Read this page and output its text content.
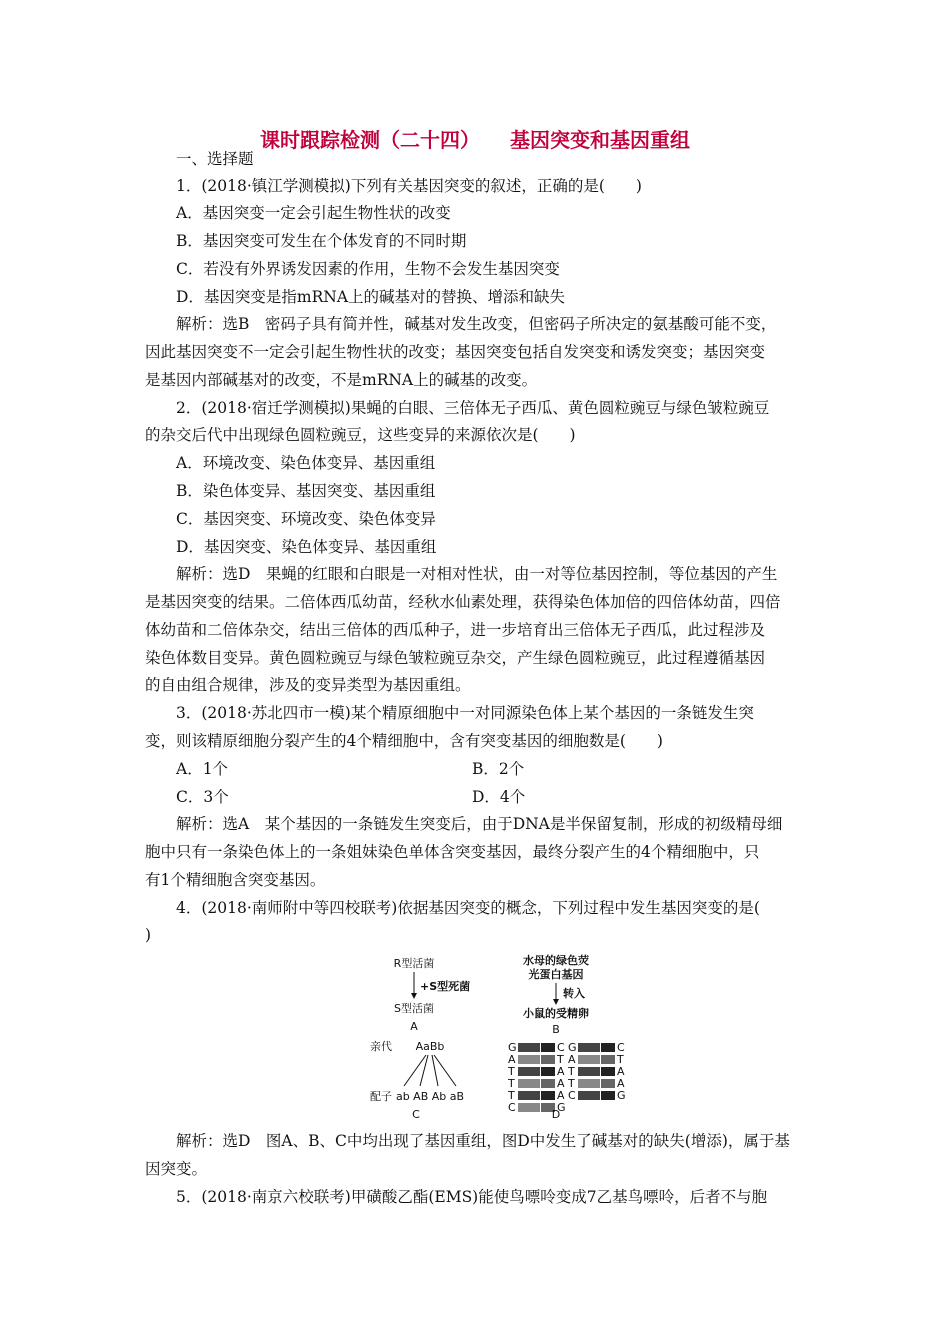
课时跟踪检测（二十四） 基因突变和基因重组
一、选择题
1．(2018·镇江学测模拟)下列有关基因突变的叙述，正确的是(　　)
A．基因突变一定会引起生物性状的改变
B．基因突变可发生在个体发育的不同时期
C．若没有外界诱发因素的作用，生物不会发生基因突变
D．基因突变是指mRNA上的碱基对的替换、增添和缺失
解析：选B　密码子具有简并性，碱基对发生改变，但密码子所决定的氨基酸可能不变，
因此基因突变不一定会引起生物性状的改变；基因突变包括自发突变和诱发突变；基因突变
是基因内部碱基对的改变，不是mRNA上的碱基的改变。
2．(2018·宿迁学测模拟)果蝇的白眼、三倍体无子西瓜、黄色圆粒豌豆与绿色皱粒豌豆
的杂交后代中出现绿色圆粒豌豆，这些变异的来源依次是(　　)
A．环境改变、染色体变异、基因重组
B．染色体变异、基因突变、基因重组
C．基因突变、环境改变、染色体变异
D．基因突变、染色体变异、基因重组
解析：选D　果蝇的红眼和白眼是一对相对性状，由一对等位基因控制，等位基因的产生
是基因突变的结果。二倍体西瓜幼苗，经秋水仙素处理，获得染色体加倍的四倍体幼苗，四倍
体幼苗和二倍体杂交，结出三倍体的西瓜种子，进一步培育出三倍体无子西瓜，此过程涉及
染色体数目变异。黄色圆粒豌豆与绿色皱粒豌豆杂交，产生绿色圆粒豌豆，此过程遵循基因
的自由组合规律，涉及的变异类型为基因重组。
3．(2018·苏北四市一模)某个精原细胞中一对同源染色体上某个基因的一条链发生突
变，则该精原细胞分裂产生的4个精细胞中，含有突变基因的细胞数是(　　)
A．1个	B．2个
C．3个	D．4个
解析：选A　某个基因的一条链发生突变后，由于DNA是半保留复制，形成的初级精母细
胞中只有一条染色体上的一条姐妹染色单体含突变基因，最终分裂产生的4个精细胞中，只
有1个精细胞含突变基因。
4．(2018·南师附中等四校联考)依据基因突变的概念，下列过程中发生基因突变的是(
)
R型活菌
+S型死菌
S型活菌
A
水母的绿色荧
光蛋白基因
转入
小鼠的受精卵
B
亲代 AaBb
配子 ab AB Ab aB
C
G	C
A	T
T	A
T	A
T	A
C	G
G	C
A	T
T	A
T	A
C	G
D
解析：选D　图A、B、C中均出现了基因重组，图D中发生了碱基对的缺失(增添)，属于基
因突变。
5．(2018·南京六校联考)甲磺酸乙酯(EMS)能使鸟嘌呤变成7乙基鸟嘌呤，后者不与胞
